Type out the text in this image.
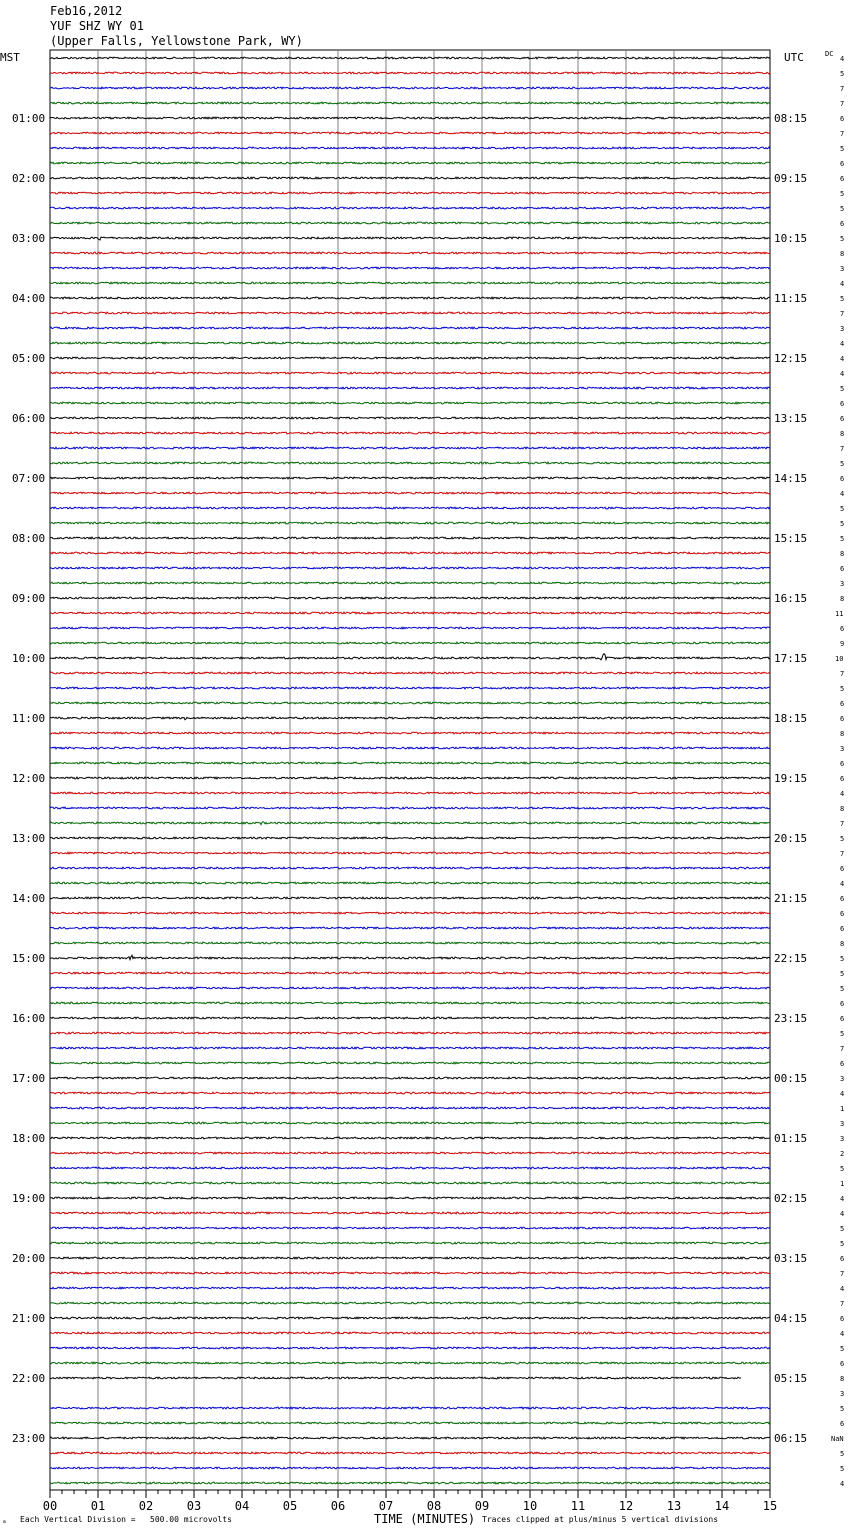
Feb16,2012
YUF SHZ WY 01
(Upper Falls, Yellowstone Park, WY)
MST	UTC	DC
01:00
02:00
03:00
04:00
05:00
06:00
07:00
08:00
09:00
10:00
11:00
12:00
13:00
14:00
15:00
16:00
17:00
18:00
19:00
20:00
21:00
22:00
23:00
08:15
09:15
10:15
11:15
12:15
13:15
14:15
15:15
16:15
17:15
18:15
19:15
20:15
21:15
22:15
23:15
00:15
01:15
02:15
03:15
04:15
05:15
06:15
4
5
7
7
6
7
5
6
6
5
5
6
5
8
3
4
5
7
3
4
4
4
5
6
6
8
7
5
6
4
5
5
5
8
6
3
8
11
6
9
10
7
5
6
6
8
3
6
6
4
8
7
5
7
6
4
6
6
6
8
5
5
5
6
6
5
7
6
3
4
1
3
3
2
5
1
4
4
5
5
6
7
4
7
6
4
5
6
8
3
5
6
NaN
5
5
4
00	01	02	03	04	05	06	07	08	09	10	11	12	13	14	15
Each Vertical Division =   500.00 microvolts	TIME (MINUTES) Traces clipped at plus/minus 5 vertical divisions
ₘ
